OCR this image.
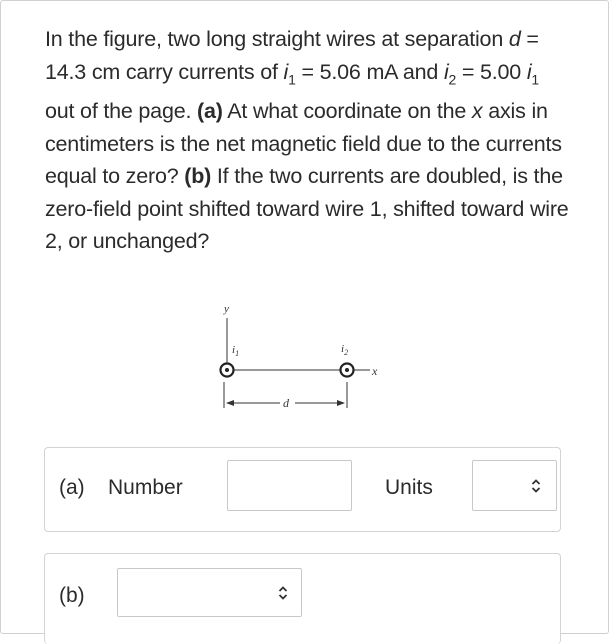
In the figure, two long straight wires at separation d = 14.3 cm carry currents of $i_1 = 5.06$ mA and $i_2 = 5.00$ $i_1$ out of the page. (a) At what coordinate on the x axis in centimeters is the net magnetic field due to the currents equal to zero? (b) If the two currents are doubled, is the zero-field point shifted toward wire 1, shifted toward wire 2, or unchanged?
y
x
$i_1$	$i_2$
d
(a) Number	Units
(b)
